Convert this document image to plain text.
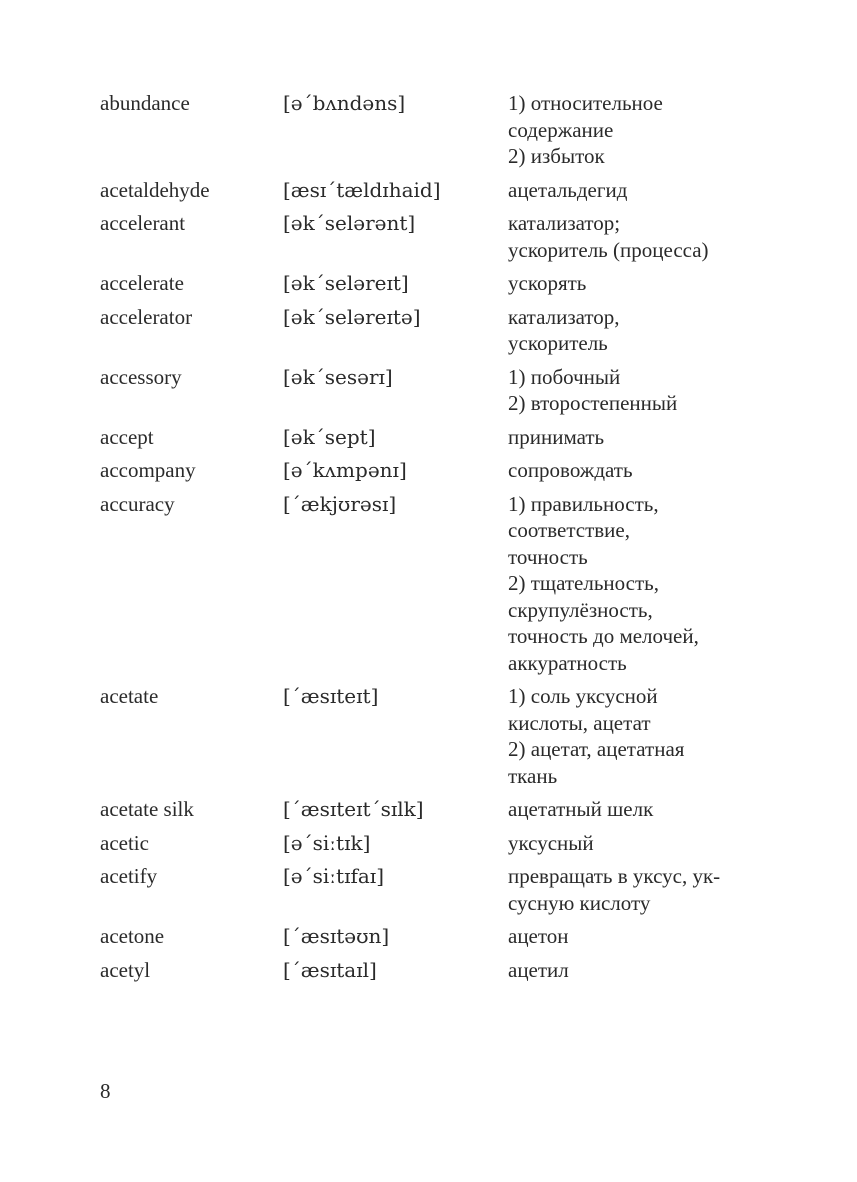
abundance	[əˊbʌndəns]	1) относительное
содержание
2) избыток
acetaldehyde	[æsɪˊtældɪhaid]	ацетальдегид
accelerant	[əkˊselərənt]	катализатор;
ускоритель (процесса)
accelerate	[əkˊseləreɪt]	ускорять
accelerator	[əkˊseləreɪtə]	катализатор,
ускоритель
accessory	[əkˊsesərɪ]	1) побочный
2) второстепенный
accept	[əkˊsept]	принимать
accompany	[əˊkʌmpənɪ]	сопровождать
accuracy	[ˊækjʊrəsɪ]	1) правильность,
соответствие,
точность
2) тщательность,
скрупулёзность,
точность до мелочей,
аккуратность
acetate	[ˊæsɪteɪt]	1) соль уксусной
кислоты, ацетат
2) ацетат, ацетатная
ткань
acetate silk	[ˊæsɪteɪtˊsɪlk]	ацетатный шелк
acetic	[əˊsiːtɪk]	уксусный
acetify	[əˊsiːtɪfaɪ]	превращать в уксус, ук-
сусную кислоту
acetone	[ˊæsɪtəʊn]	ацетон
acetyl	[ˊæsɪtaɪl]	ацетил
8
